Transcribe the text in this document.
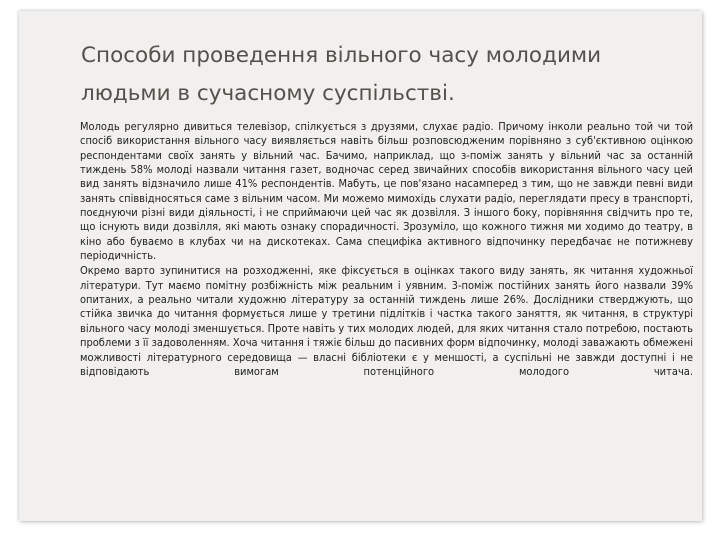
Способи проведення вільного часу молодими людьми в сучасному суспільстві.

Молодь регулярно дивиться телевізор, спілкується з друзями, слухає радіо. Причому інколи реально той чи той спосіб використання вільного часу виявляється навіть більш розповсюдженим порівняно з суб'єктивною оцінкою респондентами своїх занять у вільний час. Бачимо, наприклад, що з-поміж занять у вільний час за останній тиждень 58% молоді назвали читання газет, водночас серед звичайних способів використання вільного часу цей вид занять відзначило лише 41% респондентів. Мабуть, це пов'язано насамперед з тим, що не завжди певні види занять співвідносяться саме з вільним часом. Ми можемо мимохідь слухати радіо, переглядати пресу в транспорті, поєднуючи різні види діяльності, і не сприймаючи цей час як дозвілля. З іншого боку, порівняння свідчить про те, що існують види дозвілля, які мають ознаку спорадичності. Зрозуміло, що кожного тижня ми ходимо до театру, в кіно або буваємо в клубах чи на дискотеках. Сама специфіка активного відпочинку передбачає не потижневу періодичність.

Окремо варто зупинитися на розходженні, яке фіксується в оцінках такого виду занять, як читання художньої літератури. Тут маємо помітну розбіжність між реальним і уявним. 3-поміж постійних занять його назвали 39% опитаних, а реально читали художню літературу за останній тиждень лише 26%. Дослідники стверджують, що стійка звичка до читання формується лише у третини підлітків і частка такого заняття, як читання, в структурі вільного часу молоді зменшується. Проте навіть у тих молодих людей, для яких читання стало потребою, постають проблеми з її задоволенням. Хоча читання і тяжіє більш до пасивних форм відпочинку, молоді заважають обмежені можливості літературного середовища — власні бібліотеки є у меншості, а суспільні не завжди доступні і не відповідають вимогам потенційного молодого читача.
